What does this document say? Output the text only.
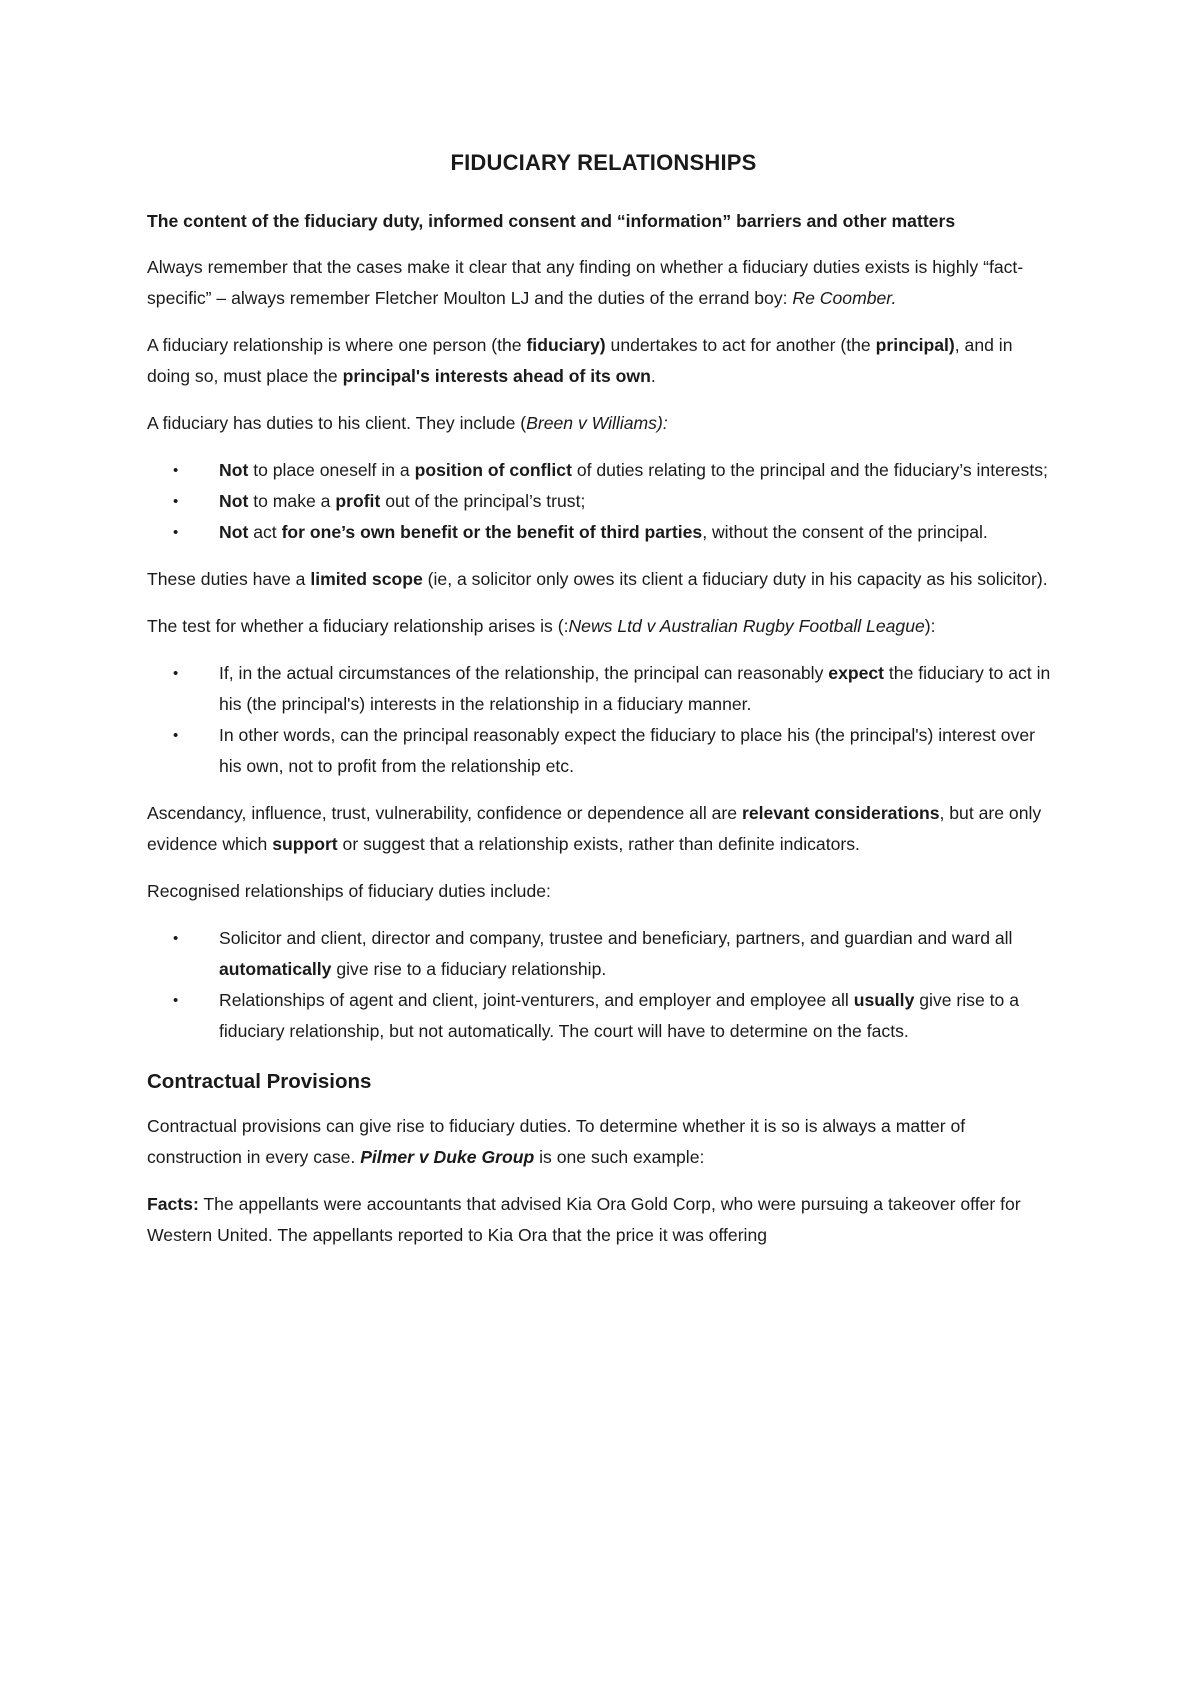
FIDUCIARY RELATIONSHIPS

The content of the fiduciary duty, informed consent and “information” barriers and other matters

Always remember that the cases make it clear that any finding on whether a fiduciary duties exists is highly “fact-specific” – always remember Fletcher Moulton LJ and the duties of the errand boy: Re Coomber.

A fiduciary relationship is where one person (the fiduciary) undertakes to act for another (the principal), and in doing so, must place the principal's interests ahead of its own.

A fiduciary has duties to his client. They include (Breen v Williams):

• Not to place oneself in a position of conflict of duties relating to the principal and the fiduciary’s interests;
• Not to make a profit out of the principal’s trust;
• Not act for one’s own benefit or the benefit of third parties, without the consent of the principal.

These duties have a limited scope (ie, a solicitor only owes its client a fiduciary duty in his capacity as his solicitor).

The test for whether a fiduciary relationship arises is (:News Ltd v Australian Rugby Football League):

• If, in the actual circumstances of the relationship, the principal can reasonably expect the fiduciary to act in his (the principal's) interests in the relationship in a fiduciary manner.
• In other words, can the principal reasonably expect the fiduciary to place his (the principal's) interest over his own, not to profit from the relationship etc.

Ascendancy, influence, trust, vulnerability, confidence or dependence all are relevant considerations, but are only evidence which support or suggest that a relationship exists, rather than definite indicators.

Recognised relationships of fiduciary duties include:

• Solicitor and client, director and company, trustee and beneficiary, partners, and guardian and ward all automatically give rise to a fiduciary relationship.
• Relationships of agent and client, joint-venturers, and employer and employee all usually give rise to a fiduciary relationship, but not automatically. The court will have to determine on the facts.
Contractual Provisions

Contractual provisions can give rise to fiduciary duties. To determine whether it is so is always a matter of construction in every case. Pilmer v Duke Group is one such example:

Facts: The appellants were accountants that advised Kia Ora Gold Corp, who were pursuing a takeover offer for Western United. The appellants reported to Kia Ora that the price it was offering
